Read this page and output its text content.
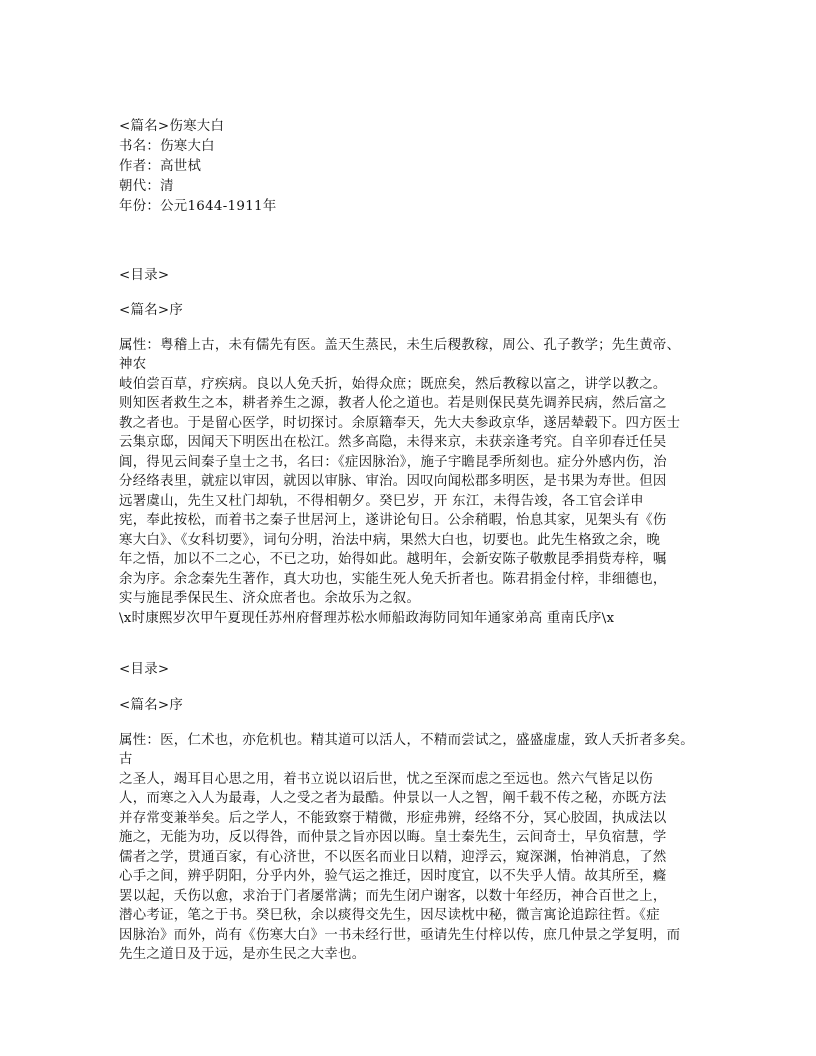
<篇名>伤寒大白
书名：伤寒大白
作者：高世栻
朝代：清
年份：公元1644-1911年
<目录>
<篇名>序
属性：粤稽上古，未有儒先有医。盖天生蒸民，未生后稷教稼，周公、孔子教学；先生黄帝、
神农
岐伯尝百草，疗疾病。良以人免夭折，始得众庶；既庶矣，然后教稼以富之，讲学以教之。
则知医者救生之本，耕者养生之源，教者人伦之道也。若是则保民莫先调养民病，然后富之
教之者也。于是留心医学，时切探讨。余原籍奉天，先大夫参政京华，遂居辇毂下。四方医士
云集京邸，因闻天下明医出在松江。然多高隐，未得来京，未获亲逢考究。自辛卯春迁任吴
阊，得见云间秦子皇士之书，名曰：《症因脉治》，施子宇瞻昆季所刻也。症分外感内伤，治
分经络表里，就症以审因，就因以审脉、审治。因叹向闻松郡多明医，是书果为寿世。但因
远署虞山，先生又杜门却轨，不得相朝夕。癸巳岁，开 东江，未得告竣，各工官会详申
宪，奉此按松，而着书之秦子世居河上，遂讲论旬日。公余稍暇，怡息其家，见架头有《伤
寒大白》、《女科切要》，词句分明，治法中病，果然大白也，切要也。此先生格致之余，晚
年之悟，加以不二之心，不已之功，始得如此。越明年，会新安陈子敬敷昆季捐赀寿梓，嘱
余为序。余念秦先生著作，真大功也，实能生死人免夭折者也。陈君捐金付梓，非细德也，
实与施昆季保民生、济众庶者也。余故乐为之叙。
\x时康熙岁次甲午夏现任苏州府督理苏松水师船政海防同知年通家弟高 重南氏序\x
<目录>
<篇名>序
属性：医，仁术也，亦危机也。精其道可以活人，不精而尝试之，盛盛虚虚，致人夭折者多矣。
古
之圣人，竭耳目心思之用，着书立说以诏后世，忧之至深而虑之至远也。然六气皆足以伤
人，而寒之入人为最毒，人之受之者为最酷。仲景以一人之智，阐千载不传之秘，亦既方法
并存常变兼举矣。后之学人，不能致察于精微，形症弗辨，经络不分，冥心胶固，执成法以
施之，无能为功，反以得咎，而仲景之旨亦因以晦。皇士秦先生，云间奇士，早负宿慧，学
儒者之学，贯通百家，有心济世，不以医名而业日以精，迎浮云，窥深渊，怡神消息，了然
心手之间，辨乎阴阳，分乎内外，验气运之推迁，因时度宜，以不失乎人情。故其所至，癃
罢以起，夭伤以愈，求治于门者屡常满；而先生闭户谢客，以数十年经历，神合百世之上，
潜心考证，笔之于书。癸巳秋，余以痰得交先生，因尽读枕中秘，微言寓论追踪往哲。《症
因脉治》而外，尚有《伤寒大白》一书未经行世，亟请先生付梓以传，庶几仲景之学复明，而
先生之道日及于远，是亦生民之大幸也。
